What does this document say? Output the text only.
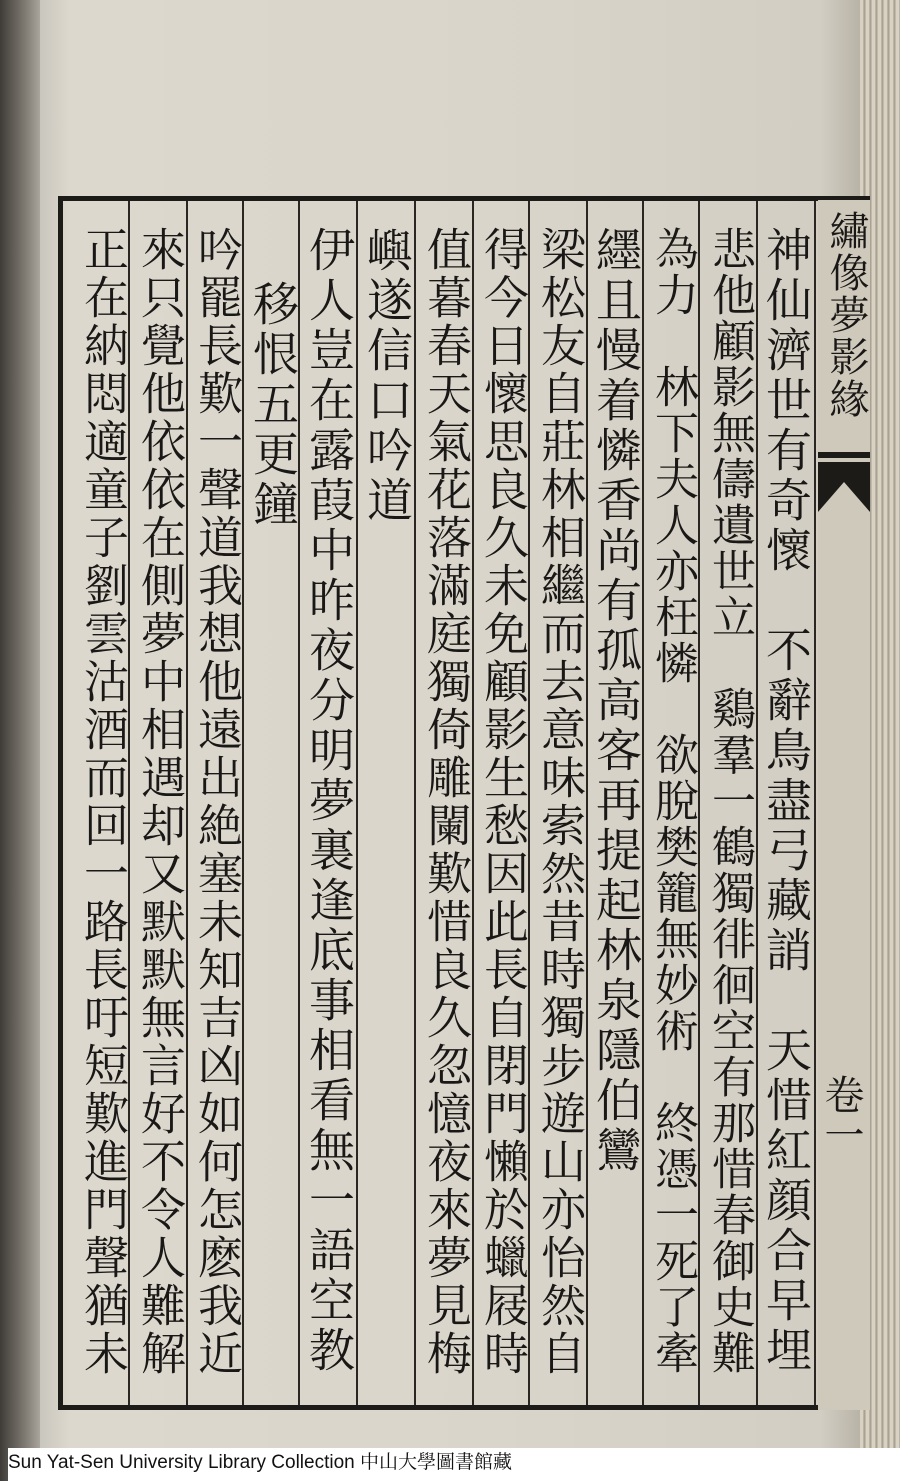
繡像夢影緣
卷一
神仙濟世有奇懷　不辭鳥盡弓藏誚　天惜紅顔合早埋
悲他顧影無儔遺世立　鷄羣一鶴獨徘徊空有那惜春御史難
為力　林下夫人亦枉憐　欲脫樊籠無妙術　終憑一死了牽
纆且慢着憐香尚有孤高客再提起林泉隱伯鸞
梁松友自莊林相繼而去意味索然昔時獨步遊山亦怡然自
得今日懷思良久未免顧影生愁因此長自閉門懶於蠟屐時
值暮春天氣花落滿庭獨倚雕闌歎惜良久忽憶夜來夢見梅
嶼遂信口吟道
伊人豈在露葭中昨夜分明夢裏逢底事相看無一語空教
移恨五更鐘
吟罷長歎一聲道我想他遠出絶塞未知吉凶如何怎麽我近
來只覺他依依在側夢中相遇却又默默無言好不令人難解
正在納悶適童子劉雲沽酒而回一路長吁短歎進門聲猶未
Sun Yat-Sen University Library Collection 中山大學圖書館藏
